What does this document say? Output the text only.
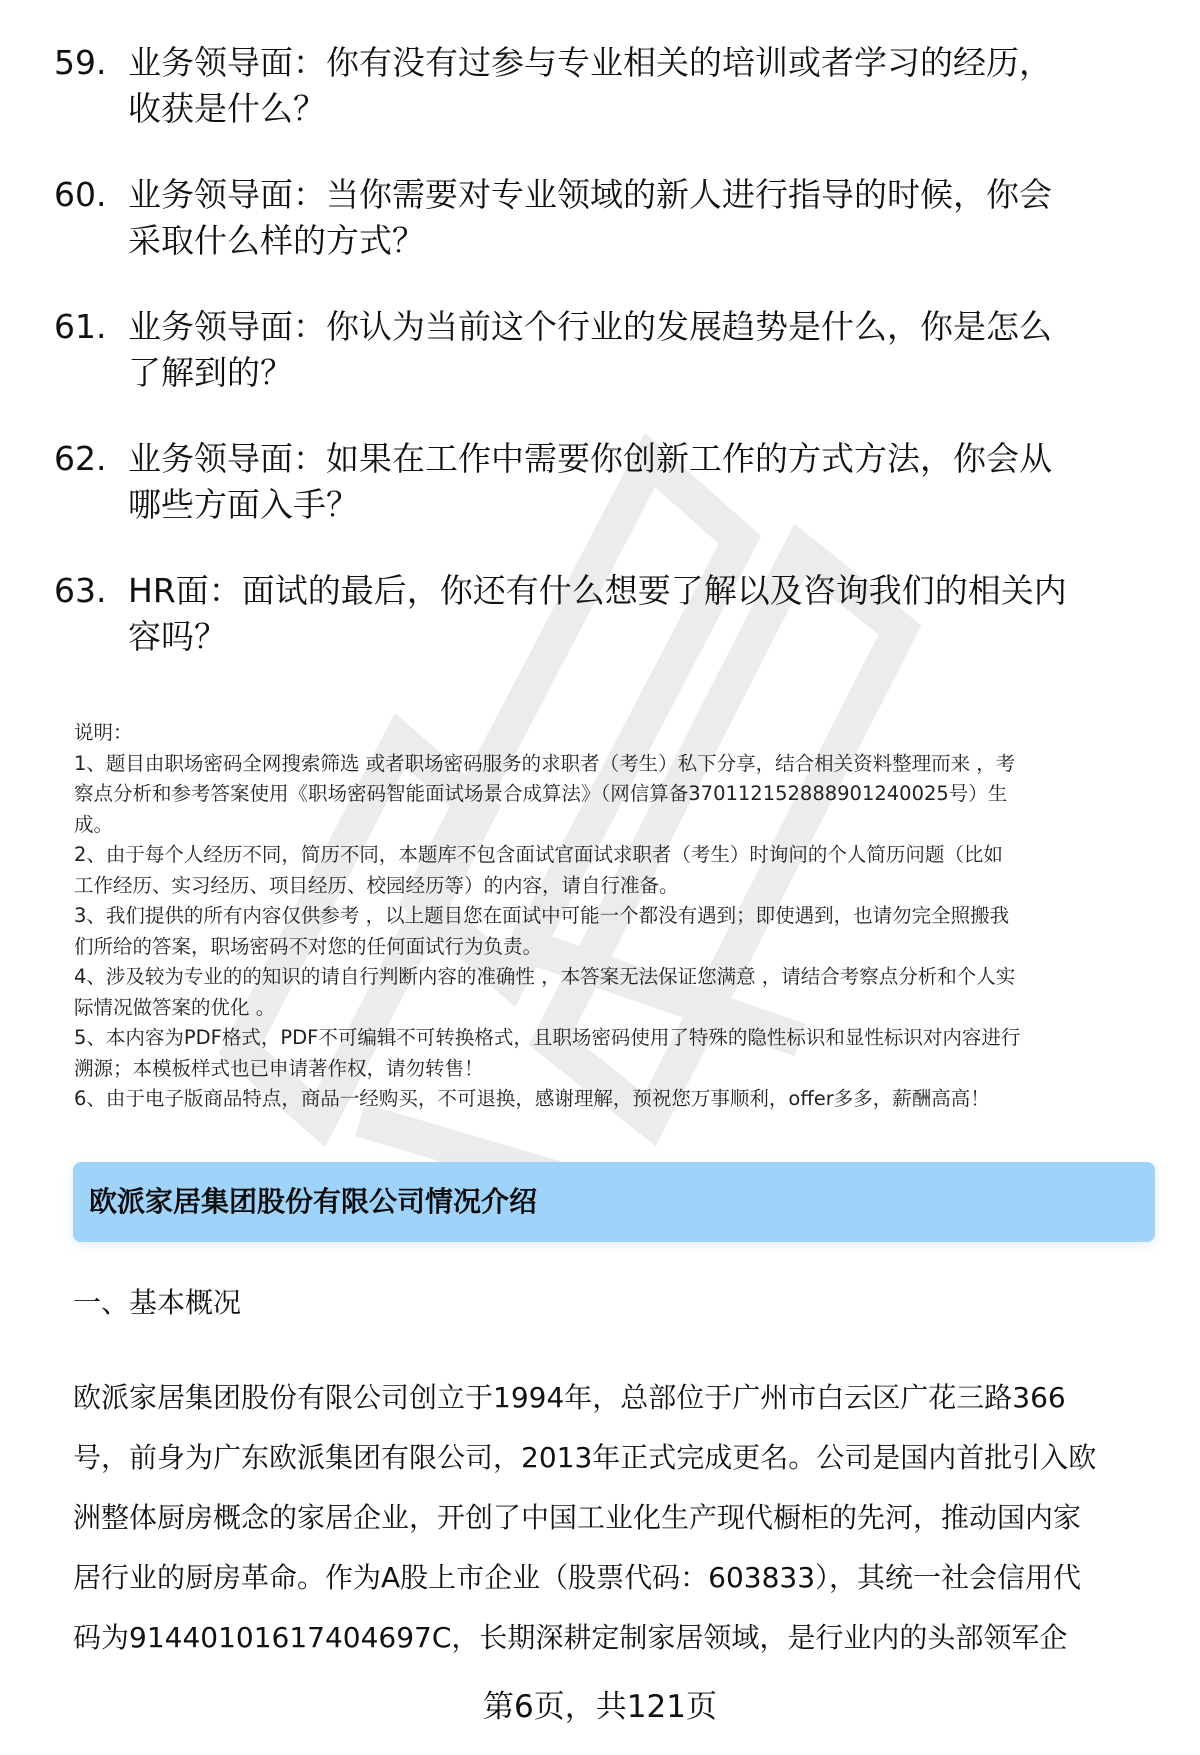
59. 业务领导面：你有没有过参与专业相关的培训或者学习的经历，
收获是什么？
60. 业务领导面：当你需要对专业领域的新人进行指导的时候，你会
采取什么样的方式？
61. 业务领导面：你认为当前这个行业的发展趋势是什么，你是怎么
了解到的？
62. 业务领导面：如果在工作中需要你创新工作的方式方法，你会从
哪些方面入手？
63. HR面：面试的最后，你还有什么想要了解以及咨询我们的相关内
容吗？

说明：

1、题目由职场密码全网搜索筛选 或者职场密码服务的求职者（考生）私下分享，结合相关资料整理而来 ，考

察点分析和参考答案使用《职场密码智能面试场景合成算法》（网信算备370112152888901240025号）生

成。

2、由于每个人经历不同，简历不同，本题库不包含面试官面试求职者（考生）时询问的个人简历问题（比如

工作经历、实习经历、项目经历、校园经历等）的内容，请自行准备。

3、我们提供的所有内容仅供参考 ，以上题目您在面试中可能一个都没有遇到；即使遇到，也请勿完全照搬我

们所给的答案，职场密码不对您的任何面试行为负责。

4、涉及较为专业的的知识的请自行判断内容的准确性 ，本答案无法保证您满意 ，请结合考察点分析和个人实

际情况做答案的优化 。

5、本内容为PDF格式，PDF不可编辑不可转换格式，且职场密码使用了特殊的隐性标识和显性标识对内容进行

溯源；本模板样式也已申请著作权，请勿转售！

6、由于电子版商品特点，商品一经购买，不可退换，感谢理解，预祝您万事顺利，offer多多，薪酬高高！

欧派家居集团股份有限公司情况介绍
一、基本概况
欧派家居集团股份有限公司创立于1994年，总部位于广州市白云区广花三路366
号，前身为广东欧派集团有限公司，2013年正式完成更名。公司是国内首批引入欧
洲整体厨房概念的家居企业，开创了中国工业化生产现代橱柜的先河，推动国内家
居行业的厨房革命。作为A股上市企业（股票代码：603833），其统一社会信用代
码为91440101617404697C，长期深耕定制家居领域，是行业内的头部领军企
第6页，共121页
